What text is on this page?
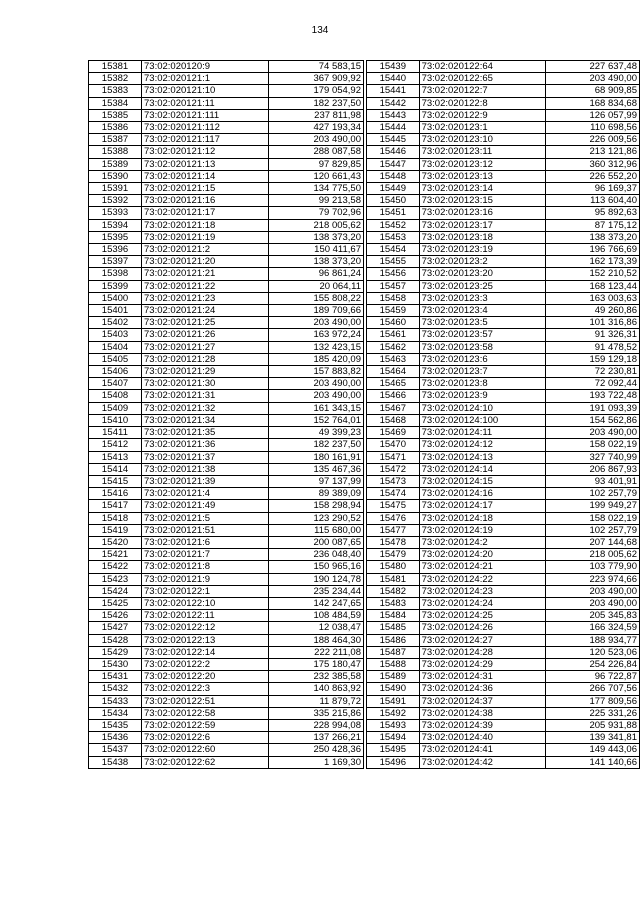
134
15381	73:02:020120:9	74 583,15
15382	73:02:020121:1	367 909,92
15383	73:02:020121:10	179 054,92
15384	73:02:020121:11	182 237,50
15385	73:02:020121:111	237 811,98
15386	73:02:020121:112	427 193,34
15387	73:02:020121:117	203 490,00
15388	73:02:020121:12	288 087,58
15389	73:02:020121:13	97 829,85
15390	73:02:020121:14	120 661,43
15391	73:02:020121:15	134 775,50
15392	73:02:020121:16	99 213,58
15393	73:02:020121:17	79 702,96
15394	73:02:020121:18	218 005,62
15395	73:02:020121:19	138 373,20
15396	73:02:020121:2	150 411,67
15397	73:02:020121:20	138 373,20
15398	73:02:020121:21	96 861,24
15399	73:02:020121:22	20 064,11
15400	73:02:020121:23	155 808,22
15401	73:02:020121:24	189 709,66
15402	73:02:020121:25	203 490,00
15403	73:02:020121:26	163 972,24
15404	73:02:020121:27	132 423,15
15405	73:02:020121:28	185 420,09
15406	73:02:020121:29	157 883,82
15407	73:02:020121:30	203 490,00
15408	73:02:020121:31	203 490,00
15409	73:02:020121:32	161 343,15
15410	73:02:020121:34	152 764,01
15411	73:02:020121:35	49 399,23
15412	73:02:020121:36	182 237,50
15413	73:02:020121:37	180 161,91
15414	73:02:020121:38	135 467,36
15415	73:02:020121:39	97 137,99
15416	73:02:020121:4	89 389,09
15417	73:02:020121:49	158 298,94
15418	73:02:020121:5	123 290,52
15419	73:02:020121:51	115 680,00
15420	73:02:020121:6	200 087,65
15421	73:02:020121:7	236 048,40
15422	73:02:020121:8	150 965,16
15423	73:02:020121:9	190 124,78
15424	73:02:020122:1	235 234,44
15425	73:02:020122:10	142 247,65
15426	73:02:020122:11	108 484,59
15427	73:02:020122:12	12 038,47
15428	73:02:020122:13	188 464,30
15429	73:02:020122:14	222 211,08
15430	73:02:020122:2	175 180,47
15431	73:02:020122:20	232 385,58
15432	73:02:020122:3	140 863,92
15433	73:02:020122:51	11 879,72
15434	73:02:020122:58	335 215,86
15435	73:02:020122:59	228 994,08
15436	73:02:020122:6	137 266,21
15437	73:02:020122:60	250 428,36
15438	73:02:020122:62	1 169,30
15439	73:02:020122:64	227 637,48
15440	73:02:020122:65	203 490,00
15441	73:02:020122:7	68 909,85
15442	73:02:020122:8	168 834,68
15443	73:02:020122:9	126 057,99
15444	73:02:020123:1	110 698,56
15445	73:02:020123:10	226 009,56
15446	73:02:020123:11	213 121,86
15447	73:02:020123:12	360 312,96
15448	73:02:020123:13	226 552,20
15449	73:02:020123:14	96 169,37
15450	73:02:020123:15	113 604,40
15451	73:02:020123:16	95 892,63
15452	73:02:020123:17	87 175,12
15453	73:02:020123:18	138 373,20
15454	73:02:020123:19	196 766,69
15455	73:02:020123:2	162 173,39
15456	73:02:020123:20	152 210,52
15457	73:02:020123:25	168 123,44
15458	73:02:020123:3	163 003,63
15459	73:02:020123:4	49 260,86
15460	73:02:020123:5	101 316,86
15461	73:02:020123:57	91 326,31
15462	73:02:020123:58	91 478,52
15463	73:02:020123:6	159 129,18
15464	73:02:020123:7	72 230,81
15465	73:02:020123:8	72 092,44
15466	73:02:020123:9	193 722,48
15467	73:02:020124:10	191 093,39
15468	73:02:020124:100	154 562,86
15469	73:02:020124:11	203 490,00
15470	73:02:020124:12	158 022,19
15471	73:02:020124:13	327 740,99
15472	73:02:020124:14	206 867,93
15473	73:02:020124:15	93 401,91
15474	73:02:020124:16	102 257,79
15475	73:02:020124:17	199 949,27
15476	73:02:020124:18	158 022,19
15477	73:02:020124:19	102 257,79
15478	73:02:020124:2	207 144,68
15479	73:02:020124:20	218 005,62
15480	73:02:020124:21	103 779,90
15481	73:02:020124:22	223 974,66
15482	73:02:020124:23	203 490,00
15483	73:02:020124:24	203 490,00
15484	73:02:020124:25	205 345,83
15485	73:02:020124:26	166 324,59
15486	73:02:020124:27	188 934,77
15487	73:02:020124:28	120 523,06
15488	73:02:020124:29	254 226,84
15489	73:02:020124:31	96 722,87
15490	73:02:020124:36	266 707,56
15491	73:02:020124:37	177 809,56
15492	73:02:020124:38	225 331,26
15493	73:02:020124:39	205 931,88
15494	73:02:020124:40	139 341,81
15495	73:02:020124:41	149 443,06
15496	73:02:020124:42	141 140,66
